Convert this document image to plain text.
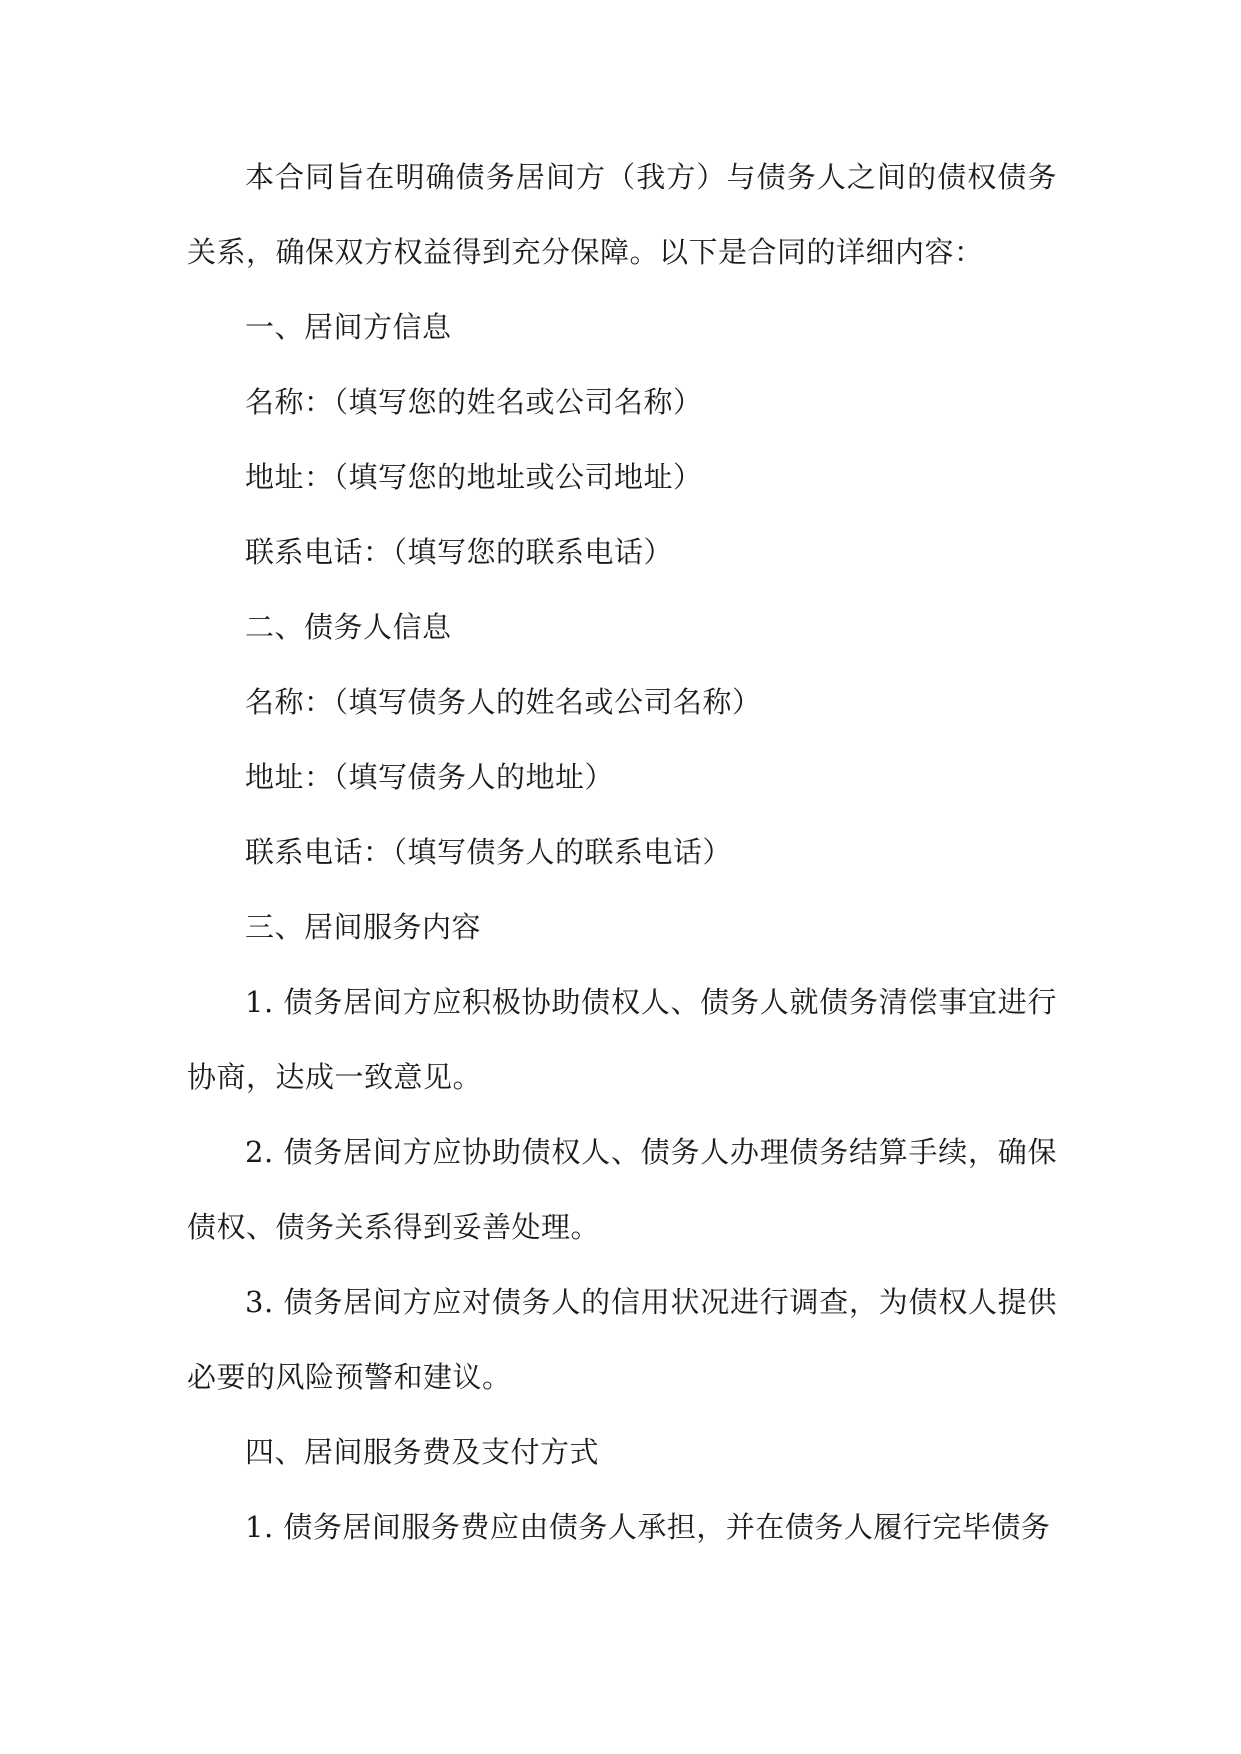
本合同旨在明确债务居间方（我方）与债务人之间的债权债务关系，确保双方权益得到充分保障。以下是合同的详细内容：

一、居间方信息

名称：（填写您的姓名或公司名称）

地址：（填写您的地址或公司地址）

联系电话：（填写您的联系电话）

二、债务人信息

名称：（填写债务人的姓名或公司名称）

地址：（填写债务人的地址）

联系电话：（填写债务人的联系电话）

三、居间服务内容

1. 债务居间方应积极协助债权人、债务人就债务清偿事宜进行协商，达成一致意见。

2. 债务居间方应协助债权人、债务人办理债务结算手续，确保债权、债务关系得到妥善处理。

3. 债务居间方应对债务人的信用状况进行调查，为债权人提供必要的风险预警和建议。

四、居间服务费及支付方式

1. 债务居间服务费应由债务人承担，并在债务人履行完毕债务
